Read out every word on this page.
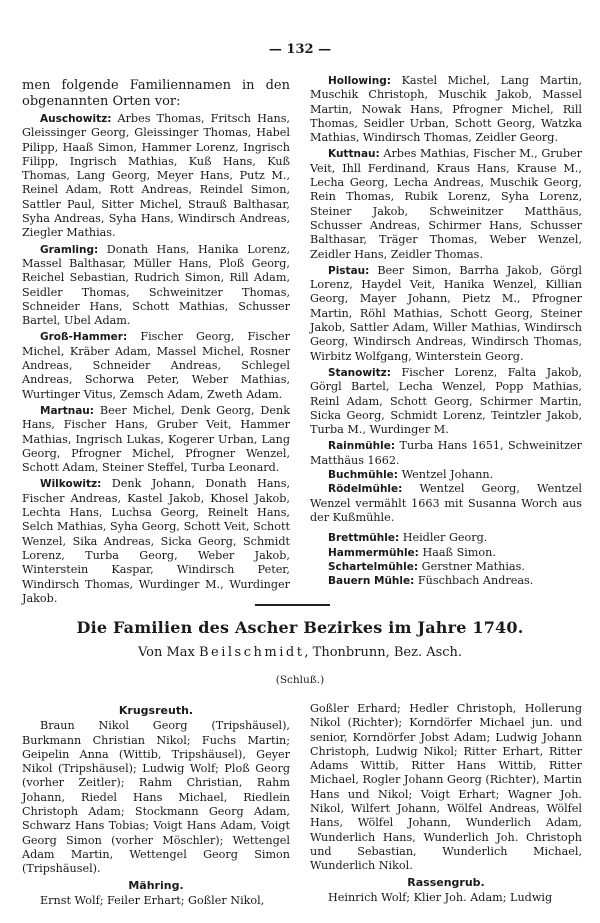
— 132 —
men folgende Familiennamen in den obgenannten Orten vor:

Auschowitz: Arbes Thomas, Fritsch Hans, Gleissinger Georg, Gleissinger Thomas, Habel Pilipp, Haaß Simon, Hammer Lorenz, Ingrisch Filipp, Ingrisch Mathias, Kuß Hans, Kuß Thomas, Lang Georg, Meyer Hans, Putz M., Reinel Adam, Rott Andreas, Reindel Simon, Sattler Paul, Sitter Michel, Strauß Balthasar, Syha Andreas, Syha Hans, Windirsch Andreas, Ziegler Mathias.

Gramling: Donath Hans, Hanika Lorenz, Massel Balthasar, Müller Hans, Ploß Georg, Reichel Sebastian, Rudrich Simon, Rill Adam, Seidler Thomas, Schweinitzer Thomas, Schneider Hans, Schott Mathias, Schusser Bartel, Ubel Adam.

Groß-Hammer: Fischer Georg, Fischer Michel, Kräber Adam, Massel Michel, Rosner Andreas, Schneider Andreas, Schlegel Andreas, Schorwa Peter, Weber Mathias, Wurtinger Vitus, Zemsch Adam, Zweth Adam.

Martnau: Beer Michel, Denk Georg, Denk Hans, Fischer Hans, Gruber Veit, Hammer Mathias, Ingrisch Lukas, Kogerer Urban, Lang Georg, Pfrogner Michel, Pfrogner Wenzel, Schott Adam, Steiner Steffel, Turba Leonard.

Wilkowitz: Denk Johann, Donath Hans, Fischer Andreas, Kastel Jakob, Khosel Jakob, Lechta Hans, Luchsa Georg, Reinelt Hans, Selch Mathias, Syha Georg, Schott Veit, Schott Wenzel, Sika Andreas, Sicka Georg, Schmidt Lorenz, Turba Georg, Weber Jakob, Winterstein Kaspar, Windirsch Peter, Windirsch Thomas, Wurdinger M., Wurdinger Jakob.

Hollowing: Kastel Michel, Lang Martin, Muschik Christoph, Muschik Jakob, Massel Martin, Nowak Hans, Pfrogner Michel, Rill Thomas, Seidler Urban, Schott Georg, Watzka Mathias, Windirsch Thomas, Zeidler Georg.

Kuttnau: Arbes Mathias, Fischer M., Gruber Veit, Ihll Ferdinand, Kraus Hans, Krause M., Lecha Georg, Lecha Andreas, Muschik Georg, Rein Thomas, Rubik Lorenz, Syha Lorenz, Steiner Jakob, Schweinitzer Matthäus, Schusser Andreas, Schirmer Hans, Schusser Balthasar, Träger Thomas, Weber Wenzel, Zeidler Hans, Zeidler Thomas.

Pistau: Beer Simon, Barrha Jakob, Görgl Lorenz, Haydel Veit, Hanika Wenzel, Killian Georg, Mayer Johann, Pietz M., Pfrogner Martin, Röhl Mathias, Schott Georg, Steiner Jakob, Sattler Adam, Willer Mathias, Windirsch Georg, Windirsch Andreas, Windirsch Thomas, Wirbitz Wolfgang, Winterstein Georg.

Stanowitz: Fischer Lorenz, Falta Jakob, Görgl Bartel, Lecha Wenzel, Popp Mathias, Reinl Adam, Schott Georg, Schirmer Martin, Sicka Georg, Schmidt Lorenz, Teintzler Jakob, Turba M., Wurdinger M.

Rainmühle: Turba Hans 1651, Schweinitzer Matthäus 1662.

Buchmühle: Wentzel Johann.

Rödelmühle: Wentzel Georg, Wentzel Wenzel vermählt 1663 mit Susanna Worch aus der Kußmühle.

Brettmühle: Heidler Georg.

Hammermühle: Haaß Simon.

Schartelmühle: Gerstner Mathias.

Bauern Mühle: Füschbach Andreas.

Die Familien des Ascher Bezirkes im Jahre 1740.
Von Max Beilschmidt, Thonbrunn, Bez. Asch.
(Schluß.)
Krugsreuth.

Braun Nikol Georg (Tripshäusel), Burkmann Christian Nikol; Fuchs Martin; Geipelin Anna (Wittib, Tripshäusel), Geyer Nikol (Tripshäusel); Ludwig Wolf; Ploß Georg (vorher Zeitler); Rahm Christian, Rahm Johann, Riedel Hans Michael, Riedlein Christoph Adam; Stockmann Georg Adam, Schwarz Hans Tobias; Voigt Hans Adam, Voigt Georg Simon (vorher Möschler); Wettengel Adam Martin, Wettengel Georg Simon (Tripshäusel).

Mähring.

Ernst Wolf; Feiler Erhart; Goßler Nikol,

Goßler Erhard; Hedler Christoph, Hollerung Nikol (Richter); Korndörfer Michael jun. und senior, Korndörfer Jobst Adam; Ludwig Johann Christoph, Ludwig Nikol; Ritter Erhart, Ritter Adams Wittib, Ritter Hans Wittib, Ritter Michael, Rogler Johann Georg (Richter), Martin Hans und Nikol; Voigt Erhart; Wagner Joh. Nikol, Wilfert Johann, Wölfel Andreas, Wölfel Hans, Wölfel Johann, Wunderlich Adam, Wunderlich Hans, Wunderlich Joh. Christoph und Sebastian, Wunderlich Michael, Wunderlich Nikol.

Rassengrub.

Heinrich Wolf; Klier Joh. Adam; Ludwig
